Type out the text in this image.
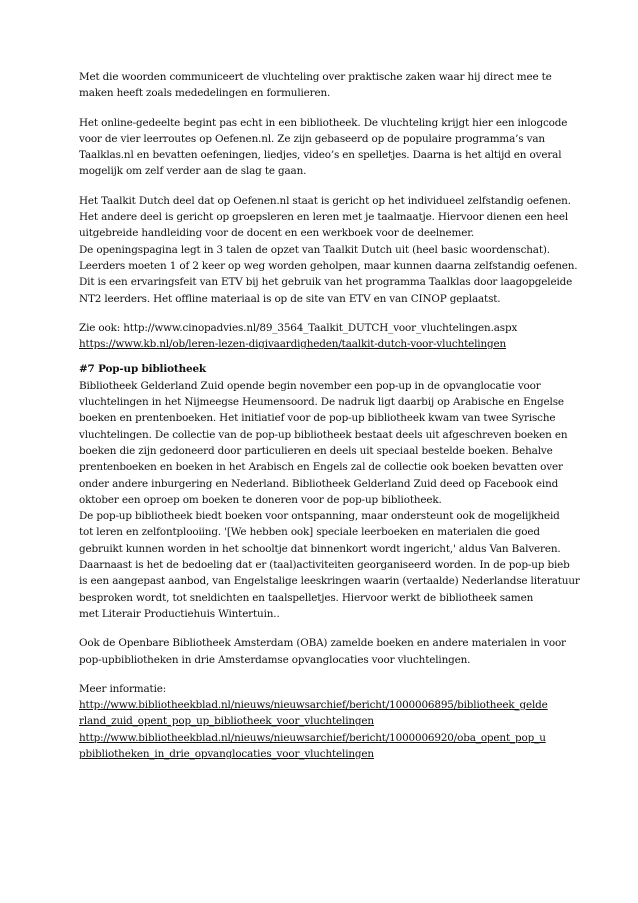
Met die woorden communiceert de vluchteling over praktische zaken waar hij direct mee te
maken heeft zoals mededelingen en formulieren.
Het online-gedeelte begint pas echt in een bibliotheek. De vluchteling krijgt hier een inlogcode
voor de vier leerroutes op Oefenen.nl. Ze zijn gebaseerd op de populaire programma’s van
Taalklas.nl en bevatten oefeningen, liedjes, video’s en spelletjes. Daarna is het altijd en overal
mogelijk om zelf verder aan de slag te gaan.
Het Taalkit Dutch deel dat op Oefenen.nl staat is gericht op het individueel zelfstandig oefenen.
Het andere deel is gericht op groepsleren en leren met je taalmaatje. Hiervoor dienen een heel
uitgebreide handleiding voor de docent en een werkboek voor de deelnemer.
De openingspagina legt in 3 talen de opzet van Taalkit Dutch uit (heel basic woordenschat).
Leerders moeten 1 of 2 keer op weg worden geholpen, maar kunnen daarna zelfstandig oefenen.
Dit is een ervaringsfeit van ETV bij het gebruik van het programma Taalklas door laagopgeleide
NT2 leerders. Het offline materiaal is op de site van ETV en van CINOP geplaatst.
Zie ook: http://www.cinopadvies.nl/89_3564_Taalkit_DUTCH_voor_vluchtelingen.aspx
https://www.kb.nl/ob/leren-lezen-digivaardigheden/taalkit-dutch-voor-vluchtelingen
#7 Pop-up bibliotheek
Bibliotheek Gelderland Zuid opende begin november een pop-up in de opvanglocatie voor
vluchtelingen in het Nijmeegse Heumensoord. De nadruk ligt daarbij op Arabische en Engelse
boeken en prentenboeken. Het initiatief voor de pop-up bibliotheek kwam van twee Syrische
vluchtelingen. De collectie van de pop-up bibliotheek bestaat deels uit afgeschreven boeken en
boeken die zijn gedoneerd door particulieren en deels uit speciaal bestelde boeken. Behalve
prentenboeken en boeken in het Arabisch en Engels zal de collectie ook boeken bevatten over
onder andere inburgering en Nederland. Bibliotheek Gelderland Zuid deed op Facebook eind
oktober een oproep om boeken te doneren voor de pop-up bibliotheek.
De pop-up bibliotheek biedt boeken voor ontspanning, maar ondersteunt ook de mogelijkheid
tot leren en zelfontplooiing. '[We hebben ook] speciale leerboeken en materialen die goed
gebruikt kunnen worden in het schooltje dat binnenkort wordt ingericht,' aldus Van Balveren.
Daarnaast is het de bedoeling dat er (taal)activiteiten georganiseerd worden. In de pop-up bieb
is een aangepast aanbod, van Engelstalige leeskringen waarin (vertaalde) Nederlandse literatuur
besproken wordt, tot sneldichten en taalspelletjes. Hiervoor werkt de bibliotheek samen
met Literair Productiehuis Wintertuin..
Ook de Openbare Bibliotheek Amsterdam (OBA) zamelde boeken en andere materialen in voor
pop-upbibliotheken in drie Amsterdamse opvanglocaties voor vluchtelingen.
Meer informatie:
http://www.bibliotheekblad.nl/nieuws/nieuwsarchief/bericht/1000006895/bibliotheek_gelde
rland_zuid_opent_pop_up_bibliotheek_voor_vluchtelingen
http://www.bibliotheekblad.nl/nieuws/nieuwsarchief/bericht/1000006920/oba_opent_pop_u
pbibliotheken_in_drie_opvanglocaties_voor_vluchtelingen
